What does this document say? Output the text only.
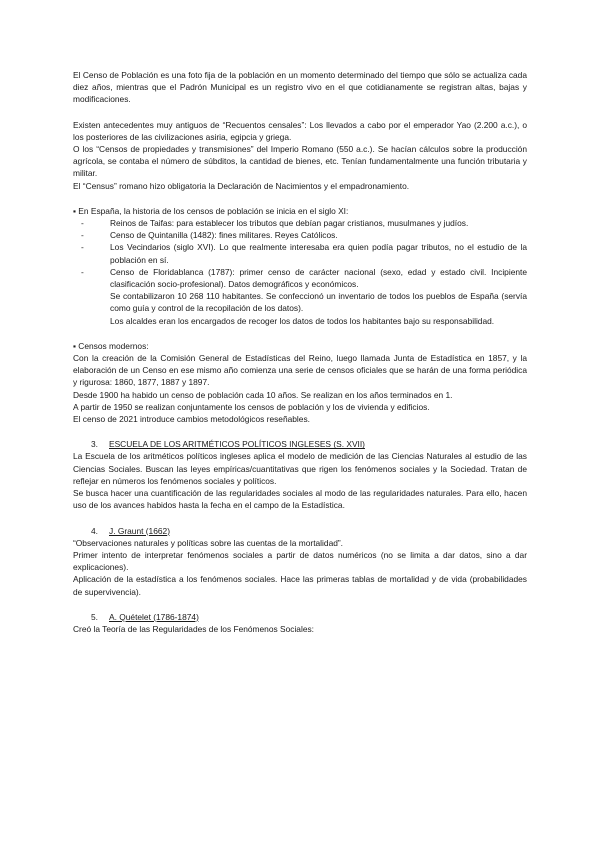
El Censo de Población es una foto fija de la población en un momento determinado del tiempo que sólo se actualiza cada diez años, mientras que el Padrón Municipal es un registro vivo en el que cotidianamente se registran altas, bajas y modificaciones.

Existen antecedentes muy antiguos de “Recuentos censales”: Los llevados a cabo por el emperador Yao (2.200 a.c.), o los posteriores de las civilizaciones asiria, egipcia y griega.

O los “Censos de propiedades y transmisiones” del Imperio Romano (550 a.c.). Se hacían cálculos sobre la producción agrícola, se contaba el número de súbditos, la cantidad de bienes, etc. Tenían fundamentalmente una función tributaria y militar.

El “Census” romano hizo obligatoria la Declaración de Nacimientos y el empadronamiento.

▪ En España, la historia de los censos de población se inicia en el siglo XI:

- Reinos de Taifas: para establecer los tributos que debían pagar cristianos, musulmanes y judíos.
- Censo de Quintanilla (1482): fines militares. Reyes Católicos.
- Los Vecindarios (siglo XVI). Lo que realmente interesaba era quien podía pagar tributos, no el estudio de la población en sí.
- Censo de Floridablanca (1787): primer censo de carácter nacional (sexo, edad y estado civil. Incipiente clasificación socio-profesional). Datos demográficos y económicos.

Se contabilizaron 10 268 110 habitantes. Se confeccionó un inventario de todos los pueblos de España (servía como guía y control de la recopilación de los datos).

Los alcaldes eran los encargados de recoger los datos de todos los habitantes bajo su responsabilidad.

▪ Censos modernos:

Con la creación de la Comisión General de Estadísticas del Reino, luego llamada Junta de Estadística en 1857, y la elaboración de un Censo en ese mismo año comienza una serie de censos oficiales que se harán de una forma periódica y rigurosa: 1860, 1877, 1887 y 1897.

Desde 1900 ha habido un censo de población cada 10 años. Se realizan en los años terminados en 1.

A partir de 1950 se realizan conjuntamente los censos de población y los de vivienda y edificios.

El censo de 2021 introduce cambios metodológicos reseñables.

3. ESCUELA DE LOS ARITMÉTICOS POLÍTICOS INGLESES (S. XVII)

La Escuela de los aritméticos políticos ingleses aplica el modelo de medición de las Ciencias Naturales al estudio de las Ciencias Sociales. Buscan las leyes empíricas/cuantitativas que rigen los fenómenos sociales y la Sociedad. Tratan de reflejar en números los fenómenos sociales y políticos.

Se busca hacer una cuantificación de las regularidades sociales al modo de las regularidades naturales. Para ello, hacen uso de los avances habidos hasta la fecha en el campo de la Estadística.

4. J. Graunt (1662)

“Observaciones naturales y políticas sobre las cuentas de la mortalidad”.

Primer intento de interpretar fenómenos sociales a partir de datos numéricos (no se limita a dar datos, sino a dar explicaciones).

Aplicación de la estadística a los fenómenos sociales. Hace las primeras tablas de mortalidad y de vida (probabilidades de supervivencia).

5. A. Quételet (1786-1874)

Creó la Teoría de las Regularidades de los Fenómenos Sociales:
